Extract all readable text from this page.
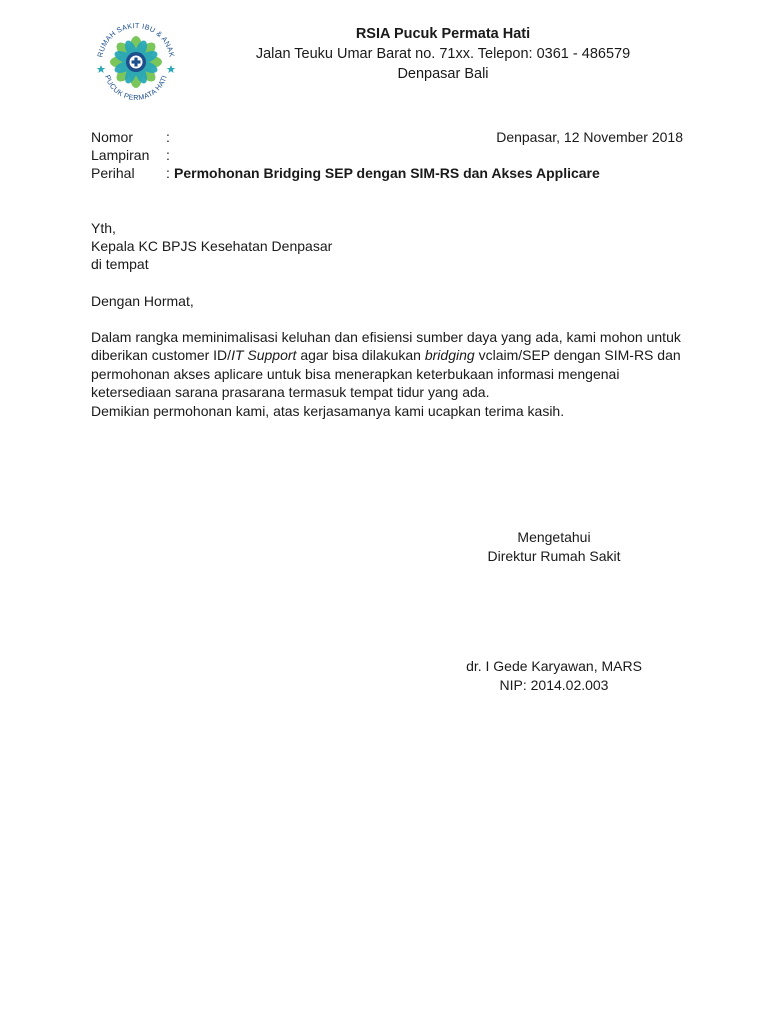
RUMAH SAKIT IBU & ANAK
PUCUK PERMATA HATI
RSIA Pucuk Permata Hati
Jalan Teuku Umar Barat no. 71xx. Telepon: 0361 - 486579
Denpasar Bali
Nomor :	Denpasar, 12 November 2018
Lampiran :
Perihal : Permohonan Bridging SEP dengan SIM-RS dan Akses Applicare
Yth,
Kepala KC BPJS Kesehatan Denpasar
di tempat
Dengan Hormat,

Dalam rangka meminimalisasi keluhan dan efisiensi sumber daya yang ada, kami mohon untuk diberikan customer ID/IT Support agar bisa dilakukan bridging vclaim/SEP dengan SIM-RS dan permohonan akses aplicare untuk bisa menerapkan keterbukaan informasi mengenai ketersediaan sarana prasarana termasuk tempat tidur yang ada.

Demikian permohonan kami, atas kerjasamanya kami ucapkan terima kasih.

Mengetahui
Direktur Rumah Sakit
dr. I Gede Karyawan, MARS
NIP: 2014.02.003
